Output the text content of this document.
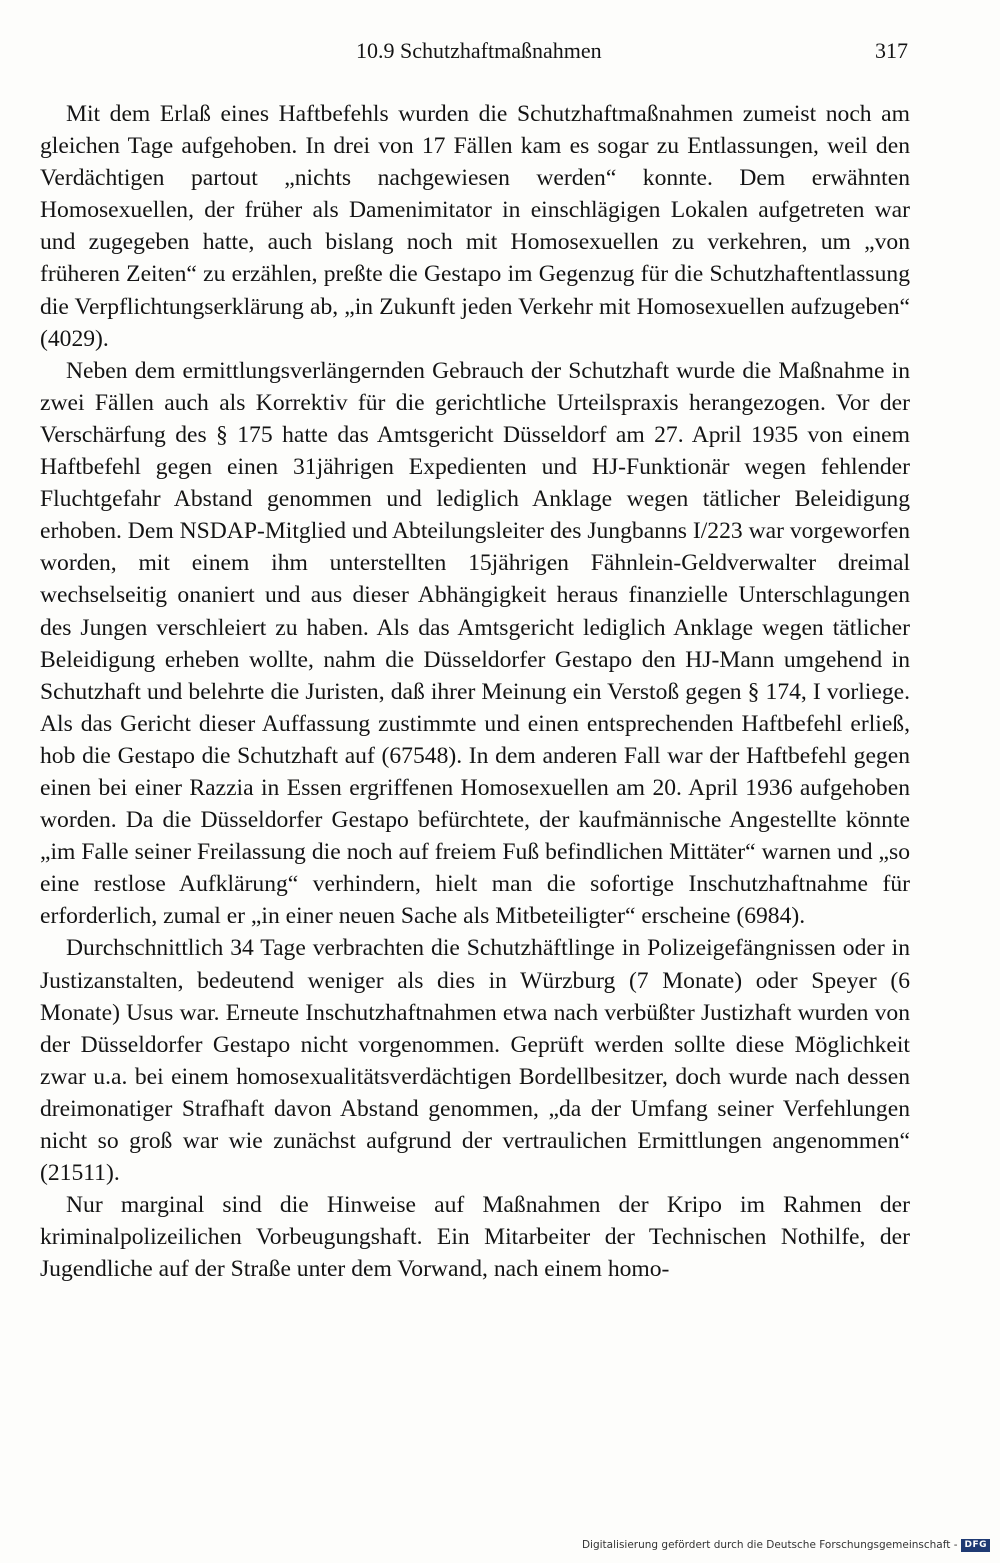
10.9 Schutzhaftmaßnahmen	317

Mit dem Erlaß eines Haftbefehls wurden die Schutzhaftmaßnahmen zumeist noch am gleichen Tage aufgehoben. In drei von 17 Fällen kam es sogar zu Entlassungen, weil den Verdächtigen partout „nichts nachgewiesen werden“ konnte. Dem erwähnten Homosexuellen, der früher als Damenimitator in einschlägigen Lokalen aufgetreten war und zugegeben hatte, auch bislang noch mit Homosexuellen zu verkehren, um „von früheren Zeiten“ zu erzählen, preßte die Gestapo im Gegenzug für die Schutzhaftentlassung die Verpflichtungserklärung ab, „in Zukunft jeden Verkehr mit Homosexuellen aufzugeben“ (4029).

Neben dem ermittlungsverlängernden Gebrauch der Schutzhaft wurde die Maßnahme in zwei Fällen auch als Korrektiv für die gerichtliche Urteilspraxis herangezogen. Vor der Verschärfung des § 175 hatte das Amtsgericht Düsseldorf am 27. April 1935 von einem Haftbefehl gegen einen 31jährigen Expedienten und HJ-Funktionär wegen fehlender Fluchtgefahr Abstand genommen und lediglich Anklage wegen tätlicher Beleidigung erhoben. Dem NSDAP-Mitglied und Abteilungsleiter des Jungbanns I/223 war vorgeworfen worden, mit einem ihm unterstellten 15jährigen Fähnlein-Geldverwalter dreimal wechselseitig onaniert und aus dieser Abhängigkeit heraus finanzielle Unterschlagungen des Jungen verschleiert zu haben. Als das Amtsgericht lediglich Anklage wegen tätlicher Beleidigung erheben wollte, nahm die Düsseldorfer Gestapo den HJ-Mann umgehend in Schutzhaft und belehrte die Juristen, daß ihrer Meinung ein Verstoß gegen § 174, I vorliege. Als das Gericht dieser Auffassung zustimmte und einen entsprechenden Haftbefehl erließ, hob die Gestapo die Schutzhaft auf (67548). In dem anderen Fall war der Haftbefehl gegen einen bei einer Razzia in Essen ergriffenen Homosexuellen am 20. April 1936 aufgehoben worden. Da die Düsseldorfer Gestapo befürchtete, der kaufmännische Angestellte könnte „im Falle seiner Freilassung die noch auf freiem Fuß befindlichen Mittäter“ warnen und „so eine restlose Aufklärung“ verhindern, hielt man die sofortige Inschutzhaftnahme für erforderlich, zumal er „in einer neuen Sache als Mitbeteiligter“ erscheine (6984).

Durchschnittlich 34 Tage verbrachten die Schutzhäftlinge in Polizeigefängnissen oder in Justizanstalten, bedeutend weniger als dies in Würzburg (7 Monate) oder Speyer (6 Monate) Usus war. Erneute Inschutzhaftnahmen etwa nach verbüßter Justizhaft wurden von der Düsseldorfer Gestapo nicht vorgenommen. Geprüft werden sollte diese Möglichkeit zwar u.a. bei einem homosexualitätsverdächtigen Bordellbesitzer, doch wurde nach dessen dreimonatiger Strafhaft davon Abstand genommen, „da der Umfang seiner Verfehlungen nicht so groß war wie zunächst aufgrund der vertraulichen Ermittlungen angenommen“ (21511).

Nur marginal sind die Hinweise auf Maßnahmen der Kripo im Rahmen der kriminalpolizeilichen Vorbeugungshaft. Ein Mitarbeiter der Technischen Nothilfe, der Jugendliche auf der Straße unter dem Vorwand, nach einem homo-

Digitalisierung gefördert durch die Deutsche Forschungsgemeinschaft - DFG
